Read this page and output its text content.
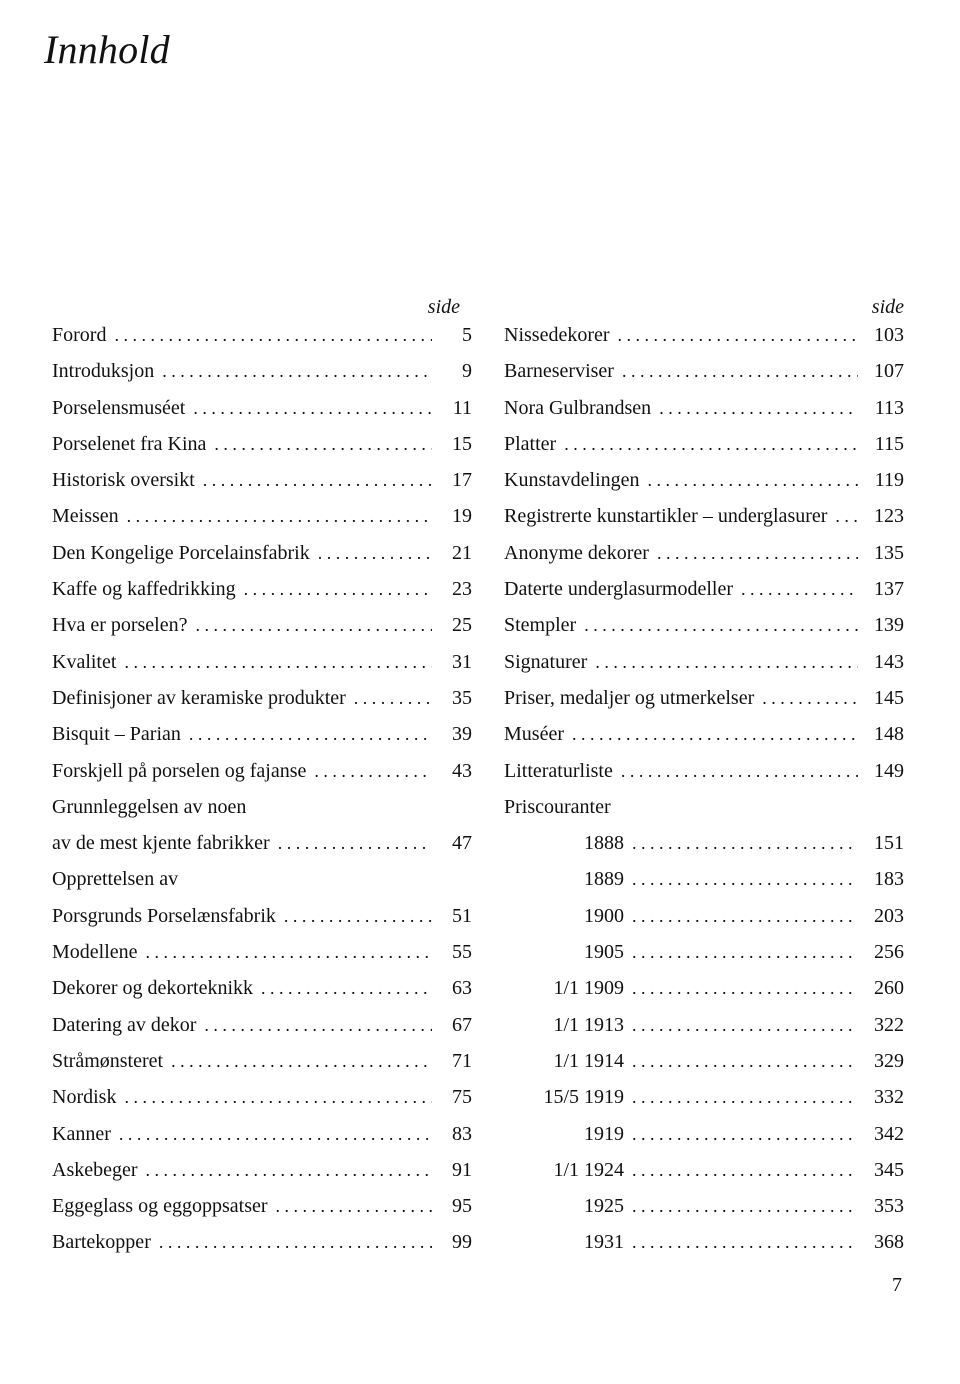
Innhold
side
Forord . . .	5
Introduksjon . . .	9
Porselensmuséet . . .	11
Porselenet fra Kina . . .	15
Historisk oversikt . . .	17
Meissen . . .	19
Den Kongelige Porcelainsfabrik . . .	21
Kaffe og kaffedrikking . . .	23
Hva er porselen? . . .	25
Kvalitet . . .	31
Definisjoner av keramiske produkter . . .	35
Bisquit – Parian . . .	39
Forskjell på porselen og fajanse . . .	43
Grunnleggelsen av noen
av de mest kjente fabrikker . . .	47
Opprettelsen av
Porsgrunds Porselænsfabrik . . .	51
Modellene . . .	55
Dekorer og dekorteknikk . . .	63
Datering av dekor . . .	67
Stråmønsteret . . .	71
Nordisk . . .	75
Kanner . . .	83
Askebeger . . .	91
Eggeglass og eggoppsatser . . .	95
Bartekopper . . .	99
side
Nissedekorer . . .	103
Barneserviser . . .	107
Nora Gulbrandsen . . .	113
Platter . . .	115
Kunstavdelingen . . .	119
Registrerte kunstartikler – underglasurer . . .	123
Anonyme dekorer . . .	135
Daterte underglasurmodeller . . .	137
Stempler . . .	139
Signaturer . . .	143
Priser, medaljer og utmerkelser . . .	145
Muséer . . .	148
Litteraturliste . . .	149
Priscouranter
1888 . . .	151
1889 . . .	183
1900 . . .	203
1905 . . .	256
1/1 1909 . . .	260
1/1 1913 . . .	322
1/1 1914 . . .	329
15/5 1919 . . .	332
1919 . . .	342
1/1 1924 . . .	345
1925 . . .	353
1931 . . .	368

7
